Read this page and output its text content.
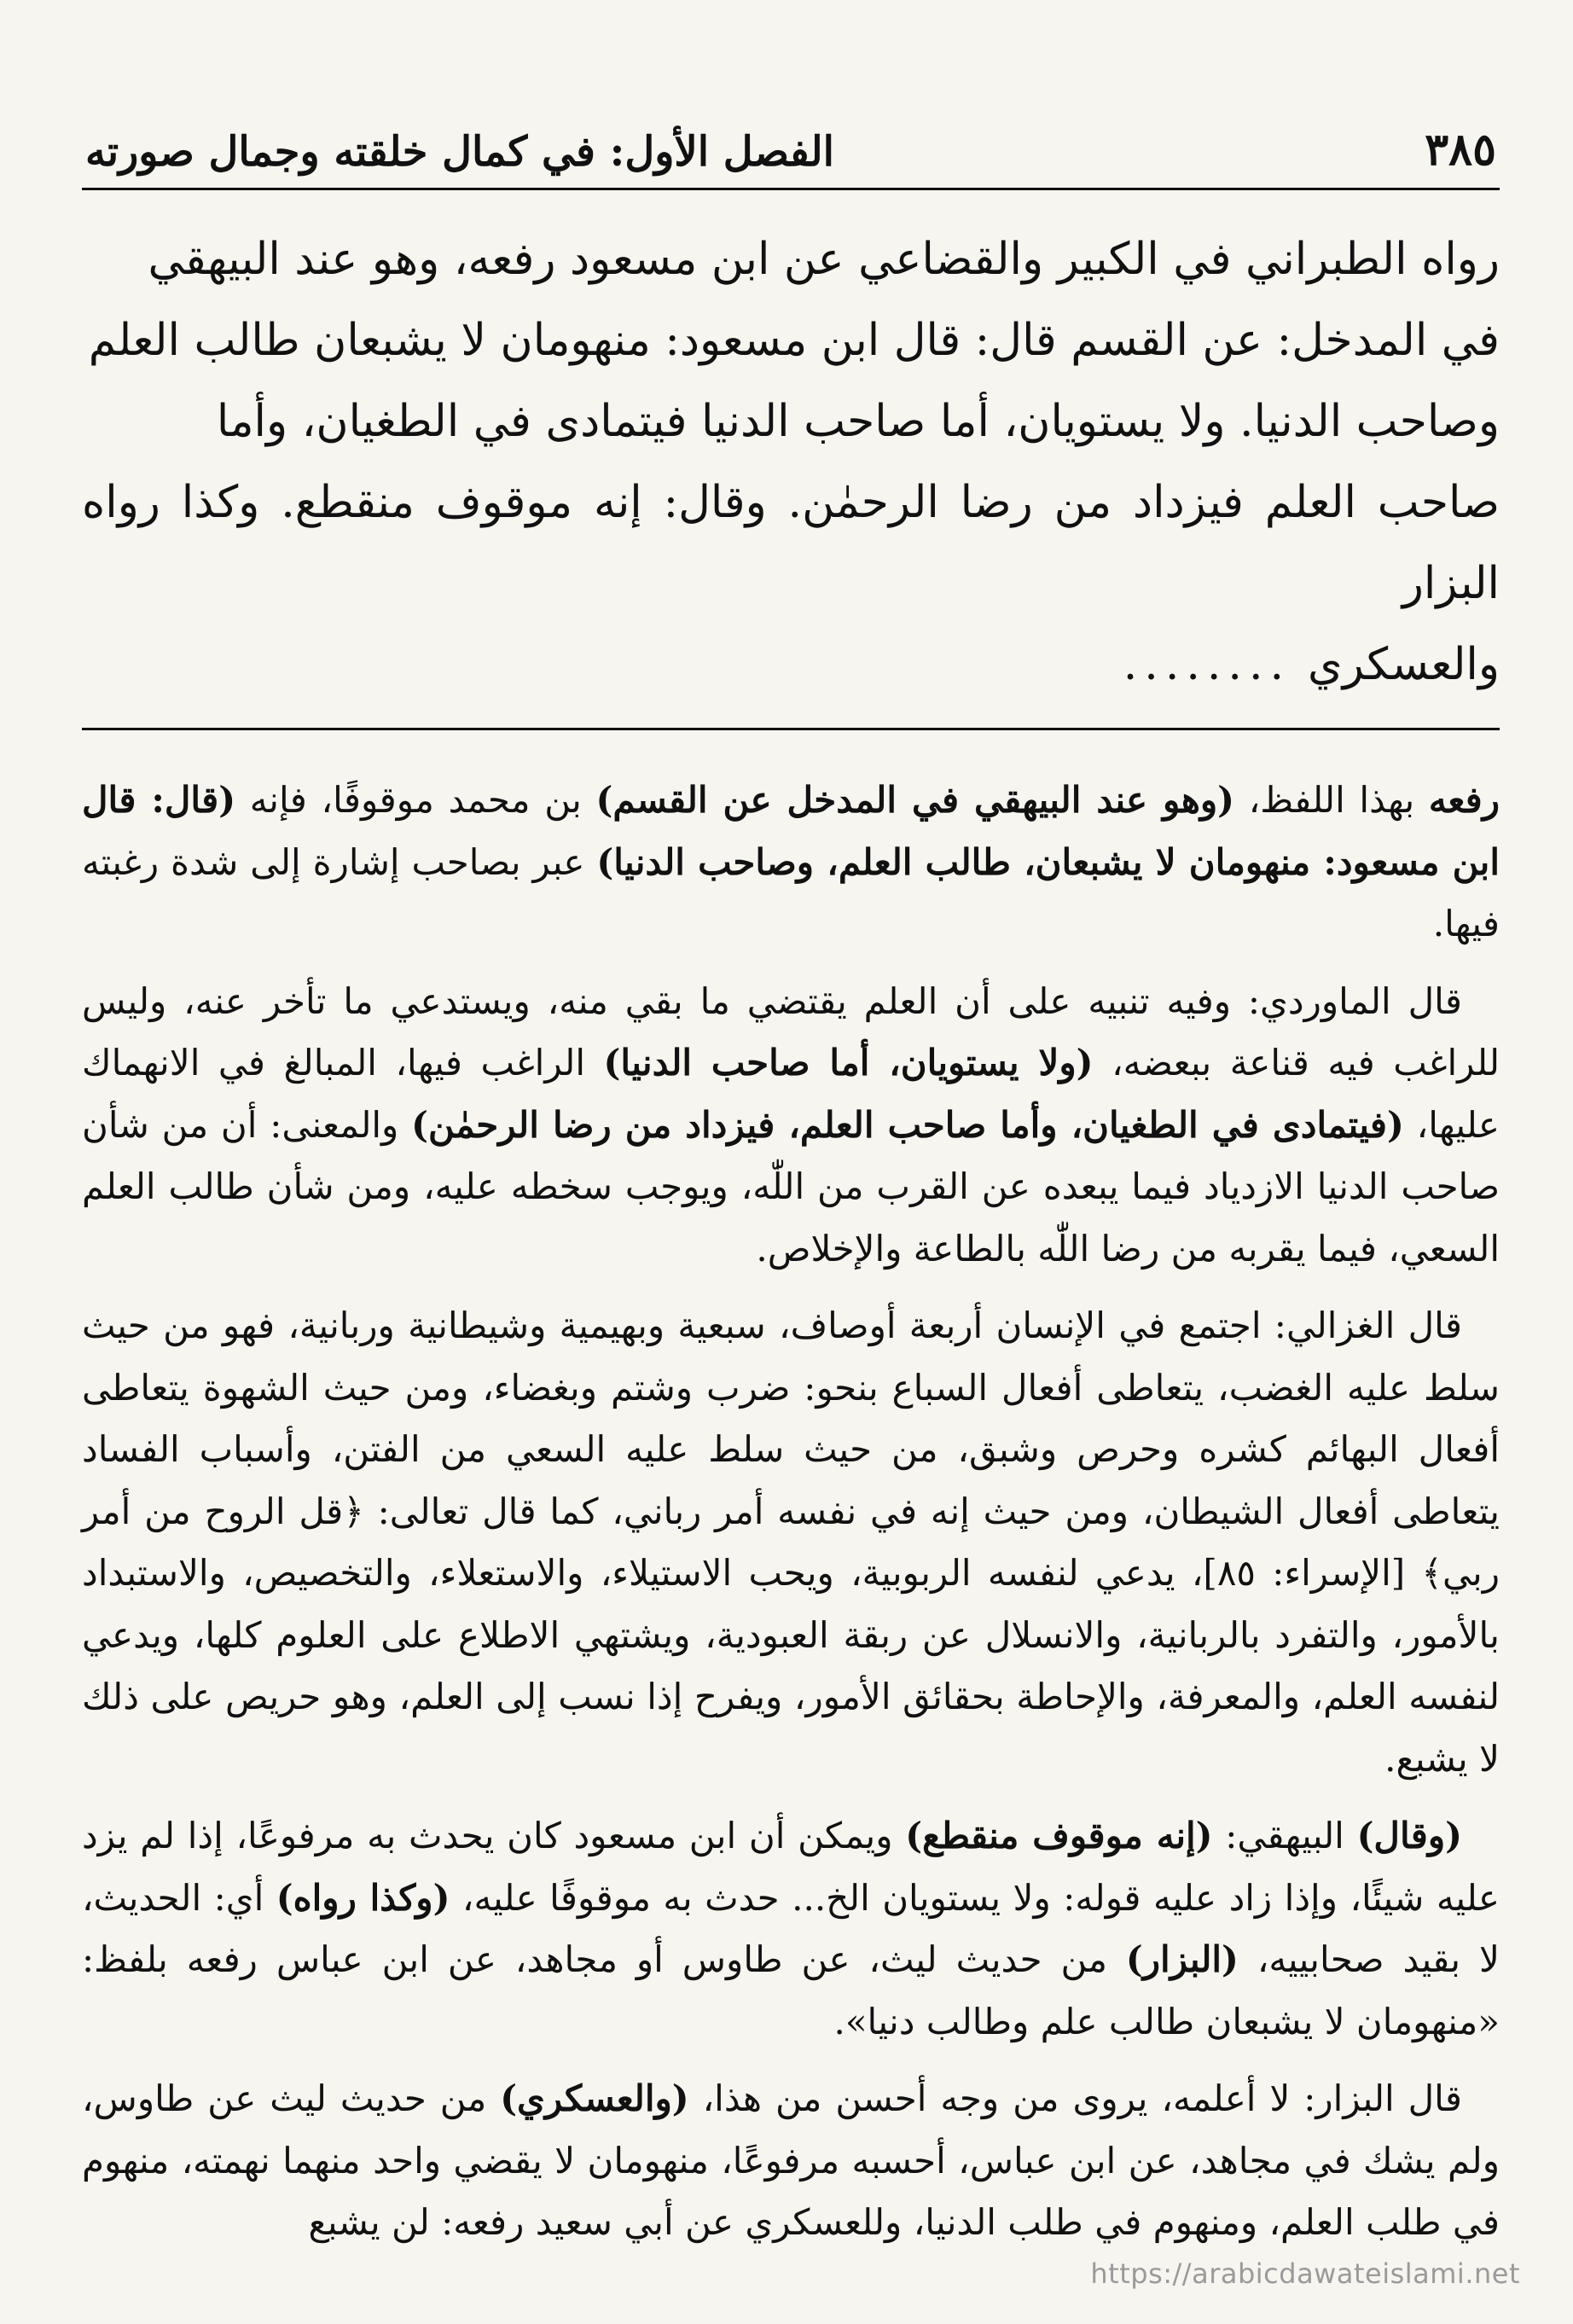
الفصل الأول: في كمال خلقته وجمال صورته	٣٨٥

رواه الطبراني في الكبير والقضاعي عن ابن مسعود رفعه، وهو عند البيهقي

في المدخل: عن القسم قال: قال ابن مسعود: منهومان لا يشبعان طالب العلم

وصاحب الدنيا. ولا يستويان، أما صاحب الدنيا فيتمادى في الطغيان، وأما

صاحب العلم فيزداد من رضا الرحمٰن. وقال: إنه موقوف منقطع. وكذا رواه البزار

والعسكري
........

رفعه بهذا اللفظ، (وهو عند البيهقي في المدخل عن القسم) بن محمد موقوفًا، فإنه (قال: قال ابن مسعود: منهومان لا يشبعان، طالب العلم، وصاحب الدنيا) عبر بصاحب إشارة إلى شدة رغبته فيها.

قال الماوردي: وفيه تنبيه على أن العلم يقتضي ما بقي منه، ويستدعي ما تأخر عنه، وليس للراغب فيه قناعة ببعضه، (ولا يستويان، أما صاحب الدنيا) الراغب فيها، المبالغ في الانهماك عليها، (فيتمادى في الطغيان، وأما صاحب العلم، فيزداد من رضا الرحمٰن) والمعنى: أن من شأن صاحب الدنيا الازدياد فيما يبعده عن القرب من اللّٰه، ويوجب سخطه عليه، ومن شأن طالب العلم السعي، فيما يقربه من رضا اللّٰه بالطاعة والإخلاص.

قال الغزالي: اجتمع في الإنسان أربعة أوصاف، سبعية وبهيمية وشيطانية وربانية، فهو من حيث سلط عليه الغضب، يتعاطى أفعال السباع بنحو: ضرب وشتم وبغضاء، ومن حيث الشهوة يتعاطى أفعال البهائم كشره وحرص وشبق، من حيث سلط عليه السعي من الفتن، وأسباب الفساد يتعاطى أفعال الشيطان، ومن حيث إنه في نفسه أمر رباني، كما قال تعالى: ﴿قل الروح من أمر ربي﴾ [الإسراء: ٨٥]، يدعي لنفسه الربوبية، ويحب الاستيلاء، والاستعلاء، والتخصيص، والاستبداد بالأمور، والتفرد بالربانية، والانسلال عن ربقة العبودية، ويشتهي الاطلاع على العلوم كلها، ويدعي لنفسه العلم، والمعرفة، والإحاطة بحقائق الأمور، ويفرح إذا نسب إلى العلم، وهو حريص على ذلك لا يشبع.

(وقال) البيهقي: (إنه موقوف منقطع) ويمكن أن ابن مسعود كان يحدث به مرفوعًا، إذا لم يزد عليه شيئًا، وإذا زاد عليه قوله: ولا يستويان الخ... حدث به موقوفًا عليه، (وكذا رواه) أي: الحديث، لا بقيد صحابييه، (البزار) من حديث ليث، عن طاوس أو مجاهد، عن ابن عباس رفعه بلفظ: «منهومان لا يشبعان طالب علم وطالب دنيا».

قال البزار: لا أعلمه، يروى من وجه أحسن من هذا، (والعسكري) من حديث ليث عن طاوس، ولم يشك في مجاهد، عن ابن عباس، أحسبه مرفوعًا، منهومان لا يقضي واحد منهما نهمته، منهوم في طلب العلم، ومنهوم في طلب الدنيا، وللعسكري عن أبي سعيد رفعه: لن يشبع

https://arabicdawateislami.net
